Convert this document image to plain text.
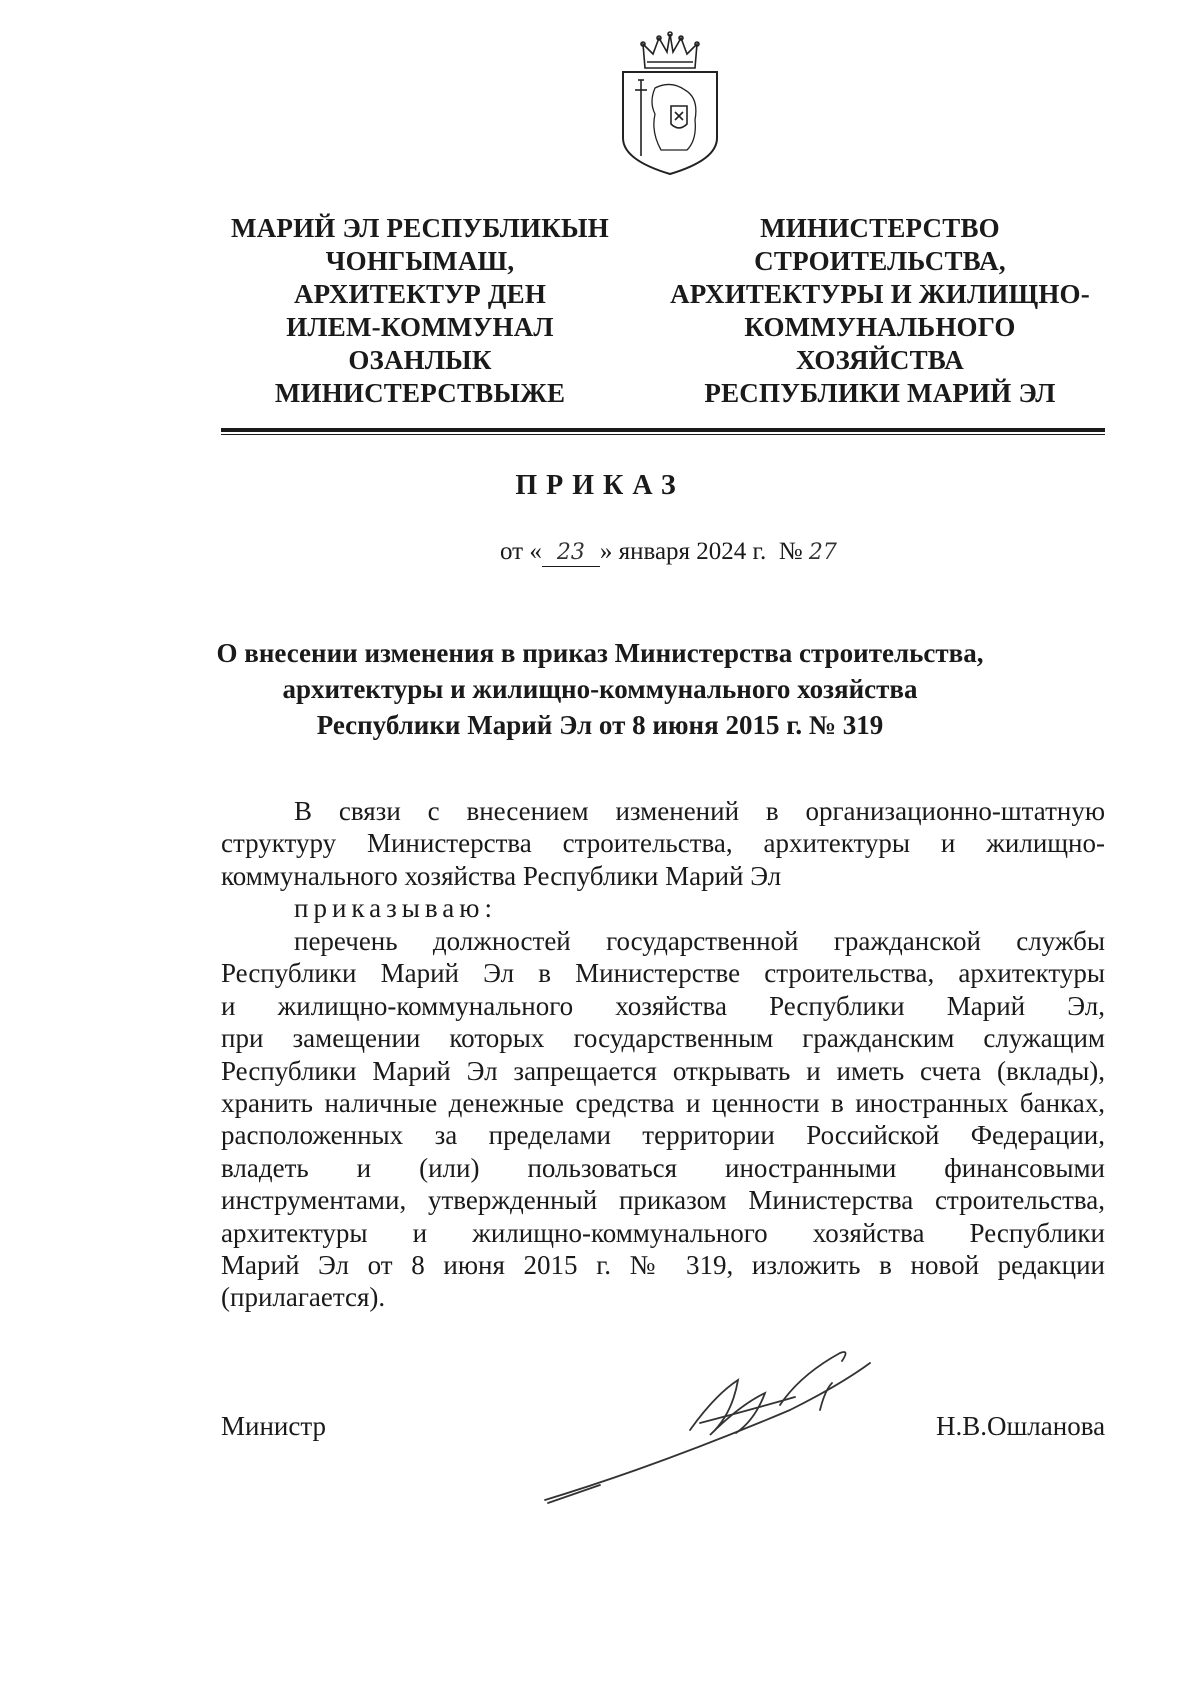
МАРИЙ ЭЛ РЕСПУБЛИКЫН
ЧОНГЫМАШ,
АРХИТЕКТУР ДЕН
ИЛЕМ-КОММУНАЛ
ОЗАНЛЫК
МИНИСТЕРСТВЫЖЕ
МИНИСТЕРСТВО
СТРОИТЕЛЬСТВА,
АРХИТЕКТУРЫ И ЖИЛИЩНО-
КОММУНАЛЬНОГО
ХОЗЯЙСТВА
РЕСПУБЛИКИ МАРИЙ ЭЛ
ПРИКАЗ
от « 23 » января 2024 г. № 27
О внесении изменения в приказ Министерства строительства,
архитектуры и жилищно-коммунального хозяйства
Республики Марий Эл от 8 июня 2015 г. № 319
В связи с внесением изменений в организационно-штатную
структуру Министерства строительства, архитектуры и жилищно-
коммунального хозяйства Республики Марий Эл
приказываю:
перечень должностей государственной гражданской службы
Республики Марий Эл в Министерстве строительства, архитектуры
и жилищно-коммунального хозяйства Республики Марий Эл,
при замещении которых государственным гражданским служащим
Республики Марий Эл запрещается открывать и иметь счета (вклады),
хранить наличные денежные средства и ценности в иностранных банках,
расположенных за пределами территории Российской Федерации,
владеть и (или) пользоваться иностранными финансовыми
инструментами, утвержденный приказом Министерства строительства,
архитектуры и жилищно-коммунального хозяйства Республики
Марий Эл от 8 июня 2015 г. № 319, изложить в новой редакции
(прилагается).
Министр	Н.В.Ошланова
